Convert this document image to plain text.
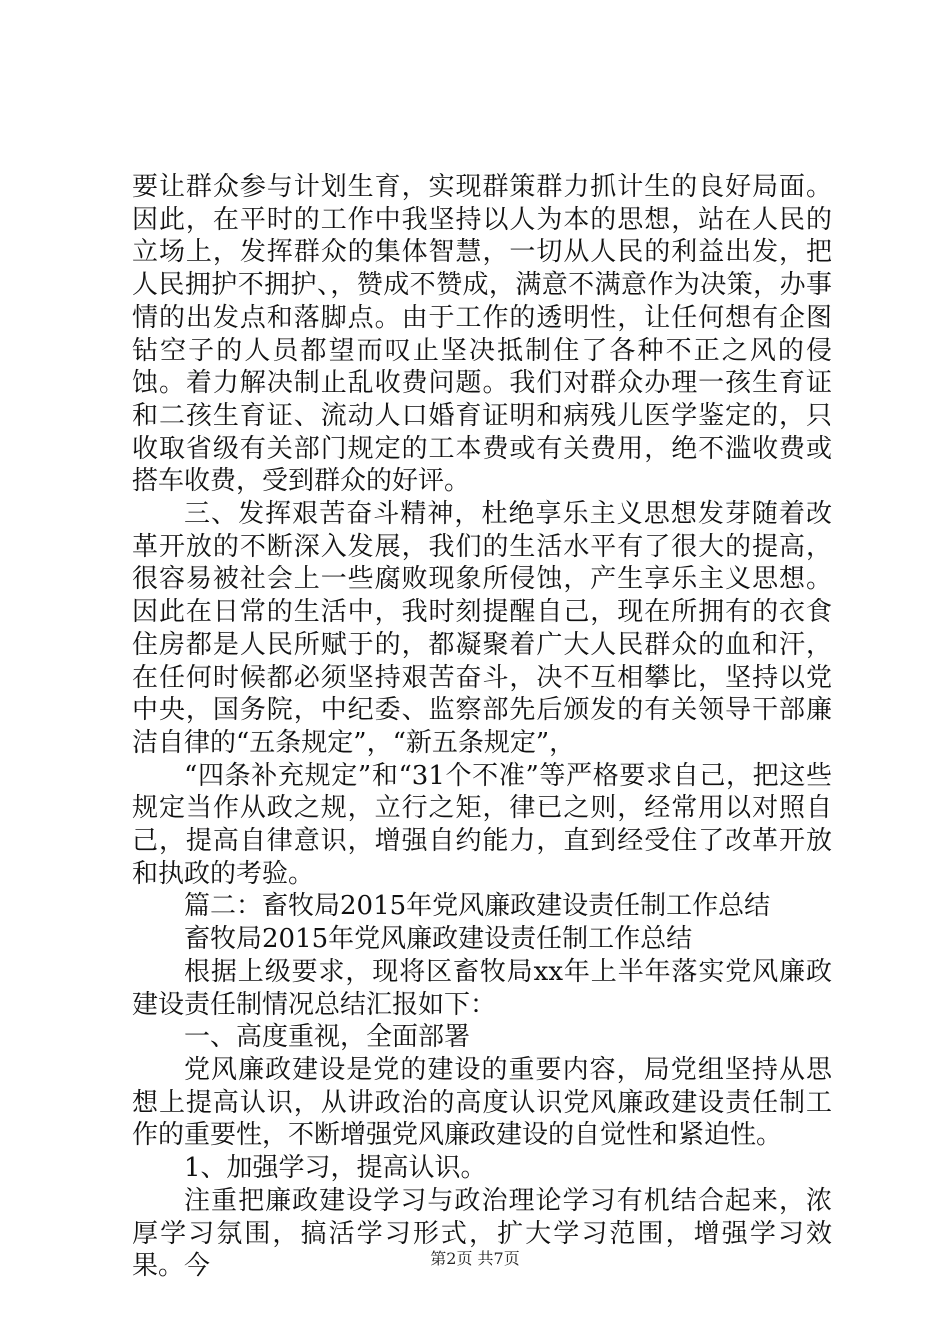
要让群众参与计划生育，实现群策群力抓计生的良好局面。因此，在平时的工作中我坚持以人为本的思想，站在人民的立场上，发挥群众的集体智慧，一切从人民的利益出发，把人民拥护不拥护、，赞成不赞成，满意不满意作为决策，办事情的出发点和落脚点。由于工作的透明性，让任何想有企图钻空子的人员都望而叹止坚决抵制住了各种不正之风的侵蚀。着力解决制止乱收费问题。我们对群众办理一孩生育证和二孩生育证、流动人口婚育证明和病残儿医学鉴定的，只收取省级有关部门规定的工本费或有关费用，绝不滥收费或搭车收费，受到群众的好评。

三、发挥艰苦奋斗精神，杜绝享乐主义思想发芽随着改革开放的不断深入发展，我们的生活水平有了很大的提高，很容易被社会上一些腐败现象所侵蚀，产生享乐主义思想。因此在日常的生活中，我时刻提醒自己，现在所拥有的衣食住房都是人民所赋于的，都凝聚着广大人民群众的血和汗，在任何时候都必须坚持艰苦奋斗，决不互相攀比，坚持以党中央，国务院，中纪委、监察部先后颁发的有关领导干部廉洁自律的“五条规定”，“新五条规定”，

“四条补充规定”和“31个不准”等严格要求自己，把这些规定当作从政之规，立行之矩，律已之则，经常用以对照自己，提高自律意识，增强自约能力，直到经受住了改革开放和执政的考验。

篇二：畜牧局2015年党风廉政建设责任制工作总结

畜牧局2015年党风廉政建设责任制工作总结

根据上级要求，现将区畜牧局xx年上半年落实党风廉政建设责任制情况总结汇报如下：

一、高度重视，全面部署

党风廉政建设是党的建设的重要内容，局党组坚持从思想上提高认识，从讲政治的高度认识党风廉政建设责任制工作的重要性，不断增强党风廉政建设的自觉性和紧迫性。

1、加强学习，提高认识。

注重把廉政建设学习与政治理论学习有机结合起来，浓厚学习氛围，搞活学习形式，扩大学习范围，增强学习效果。今	第2页 共7页
